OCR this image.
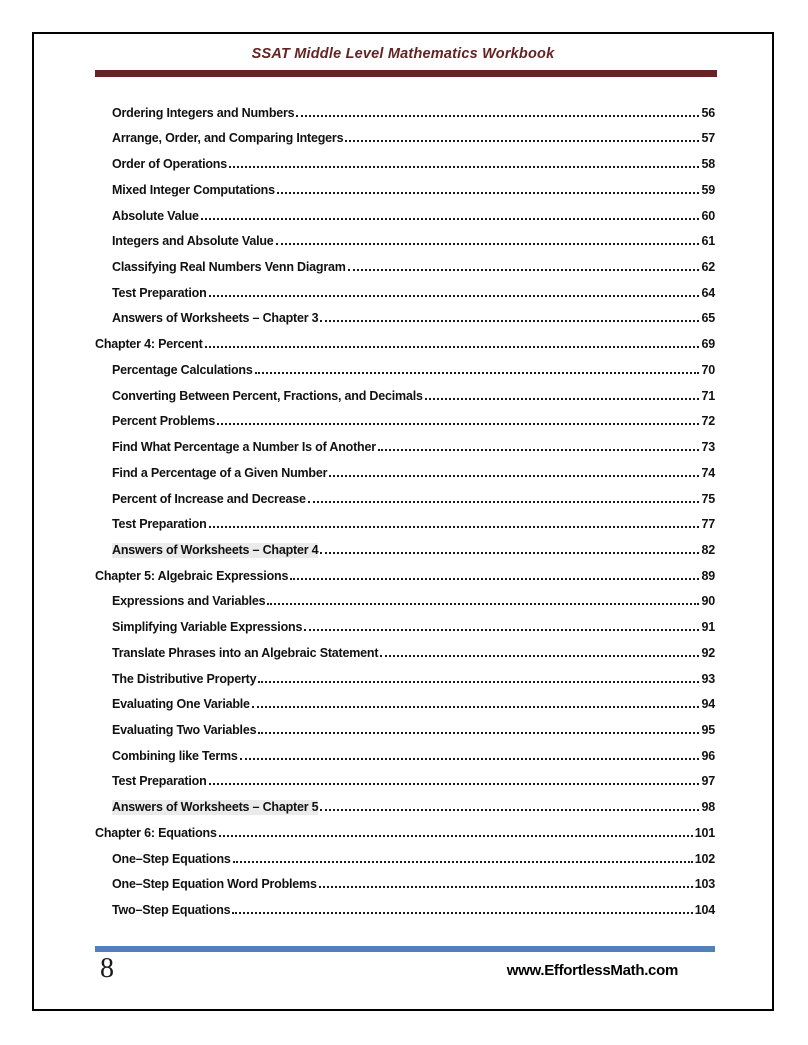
SSAT Middle Level Mathematics Workbook
Ordering Integers and Numbers	56
Arrange, Order, and Comparing Integers	57
Order of Operations	58
Mixed Integer Computations	59
Absolute Value	60
Integers and Absolute Value	61
Classifying Real Numbers Venn Diagram	62
Test Preparation	64
Answers of Worksheets – Chapter 3	65
Chapter 4: Percent	69
Percentage Calculations	70
Converting Between Percent, Fractions, and Decimals	71
Percent Problems	72
Find What Percentage a Number Is of Another	73
Find a Percentage of a Given Number	74
Percent of Increase and Decrease	75
Test Preparation	77
Answers of Worksheets – Chapter 4	82
Chapter 5: Algebraic Expressions	89
Expressions and Variables	90
Simplifying Variable Expressions	91
Translate Phrases into an Algebraic Statement	92
The Distributive Property	93
Evaluating One Variable	94
Evaluating Two Variables	95
Combining like Terms	96
Test Preparation	97
Answers of Worksheets – Chapter 5	98
Chapter 6: Equations	101
One–Step Equations	102
One–Step Equation Word Problems	103
Two–Step Equations	104
8	www.EffortlessMath.com
